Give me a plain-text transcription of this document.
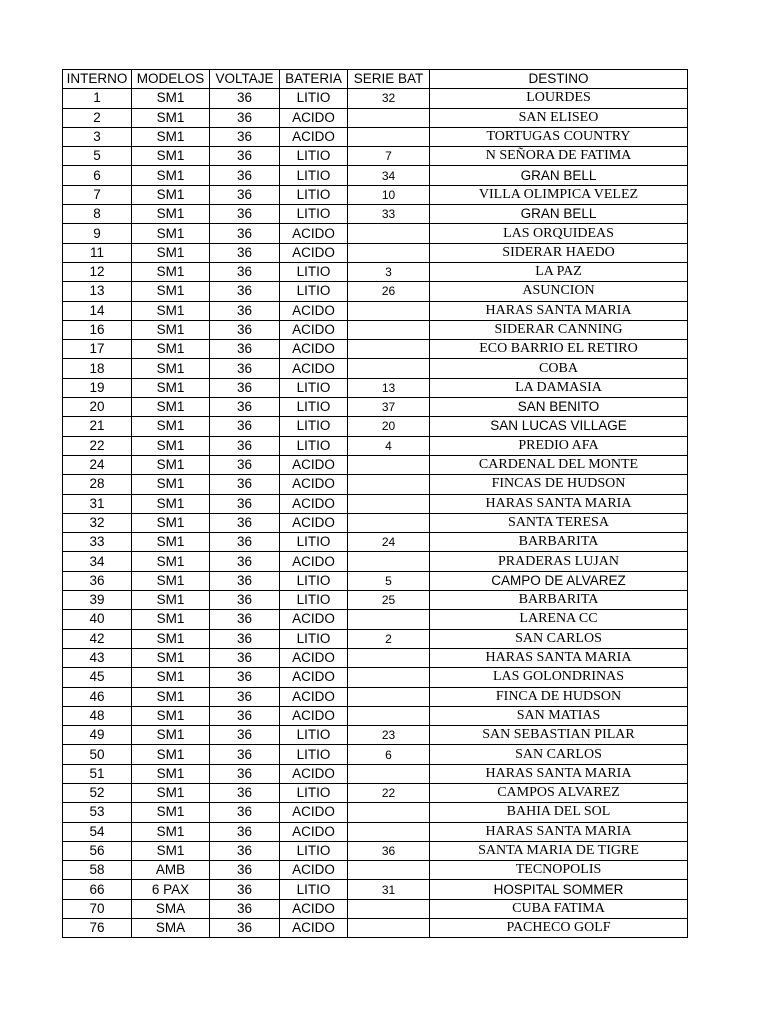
INTERNO	MODELOS	VOLTAJE	BATERIA	SERIE BAT	DESTINO
1	SM1	36	LITIO	32	LOURDES
2	SM1	36	ACIDO		SAN ELISEO
3	SM1	36	ACIDO		TORTUGAS COUNTRY
5	SM1	36	LITIO	7	N SEÑORA DE FATIMA
6	SM1	36	LITIO	34	GRAN BELL
7	SM1	36	LITIO	10	VILLA OLIMPICA VELEZ
8	SM1	36	LITIO	33	GRAN BELL
9	SM1	36	ACIDO		LAS ORQUIDEAS
11	SM1	36	ACIDO		SIDERAR HAEDO
12	SM1	36	LITIO	3	LA PAZ
13	SM1	36	LITIO	26	ASUNCION
14	SM1	36	ACIDO		HARAS SANTA MARIA
16	SM1	36	ACIDO		SIDERAR CANNING
17	SM1	36	ACIDO		ECO BARRIO EL RETIRO
18	SM1	36	ACIDO		COBA
19	SM1	36	LITIO	13	LA DAMASIA
20	SM1	36	LITIO	37	SAN BENITO
21	SM1	36	LITIO	20	SAN LUCAS VILLAGE
22	SM1	36	LITIO	4	PREDIO AFA
24	SM1	36	ACIDO		CARDENAL DEL MONTE
28	SM1	36	ACIDO		FINCAS DE HUDSON
31	SM1	36	ACIDO		HARAS SANTA MARIA
32	SM1	36	ACIDO		SANTA TERESA
33	SM1	36	LITIO	24	BARBARITA
34	SM1	36	ACIDO		PRADERAS LUJAN
36	SM1	36	LITIO	5	CAMPO DE ALVAREZ
39	SM1	36	LITIO	25	BARBARITA
40	SM1	36	ACIDO		LARENA CC
42	SM1	36	LITIO	2	SAN CARLOS
43	SM1	36	ACIDO		HARAS SANTA MARIA
45	SM1	36	ACIDO		LAS GOLONDRINAS
46	SM1	36	ACIDO		FINCA DE HUDSON
48	SM1	36	ACIDO		SAN MATIAS
49	SM1	36	LITIO	23	SAN SEBASTIAN PILAR
50	SM1	36	LITIO	6	SAN CARLOS
51	SM1	36	ACIDO		HARAS SANTA MARIA
52	SM1	36	LITIO	22	CAMPOS ALVAREZ
53	SM1	36	ACIDO		BAHIA DEL SOL
54	SM1	36	ACIDO		HARAS SANTA MARIA
56	SM1	36	LITIO	36	SANTA MARIA DE TIGRE
58	AMB	36	ACIDO		TECNOPOLIS
66	6 PAX	36	LITIO	31	HOSPITAL SOMMER
70	SMA	36	ACIDO		CUBA FATIMA
76	SMA	36	ACIDO		PACHECO GOLF
